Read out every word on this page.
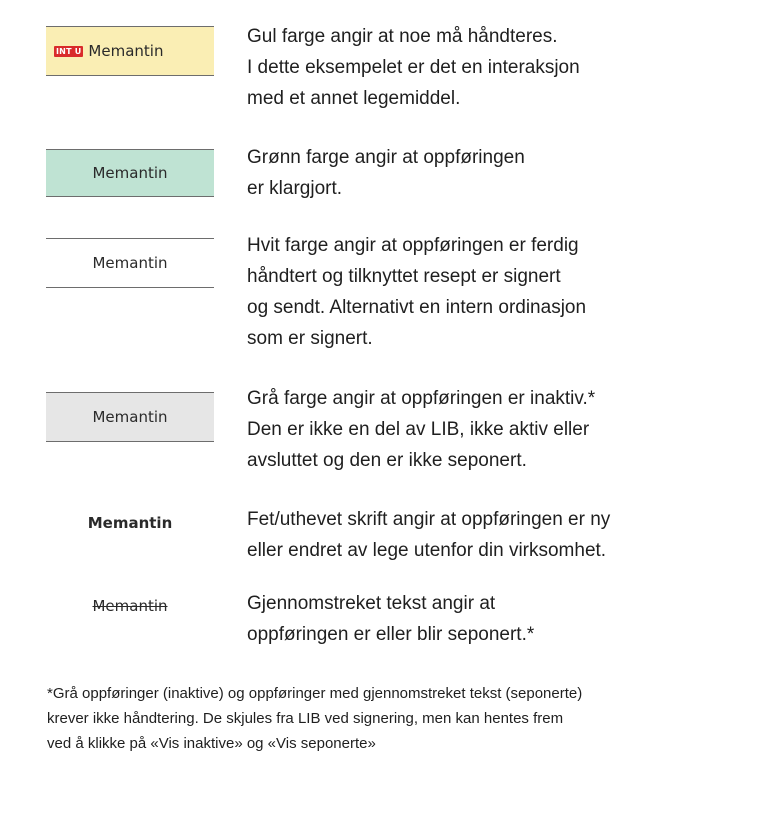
INT U Memantin
Gul farge angir at noe må håndteres.
I dette eksempelet er det en interaksjon
med et annet legemiddel.
Memantin
Grønn farge angir at oppføringen
er klargjort.
Memantin
Hvit farge angir at oppføringen er ferdig
håndtert og tilknyttet resept er signert
og sendt. Alternativt en intern ordinasjon
som er signert.
Memantin
Grå farge angir at oppføringen er inaktiv.*
Den er ikke en del av LIB, ikke aktiv eller
avsluttet og den er ikke seponert.
Memantin	Fet/uthevet skrift angir at oppføringen er ny
eller endret av lege utenfor din virksomhet.
Memantin	Gjennomstreket tekst angir at
oppføringen er eller blir seponert.*
*Grå oppføringer (inaktive) og oppføringer med gjennomstreket tekst (seponerte)
krever ikke håndtering. De skjules fra LIB ved signering, men kan hentes frem
ved å klikke på «Vis inaktive» og «Vis seponerte»
